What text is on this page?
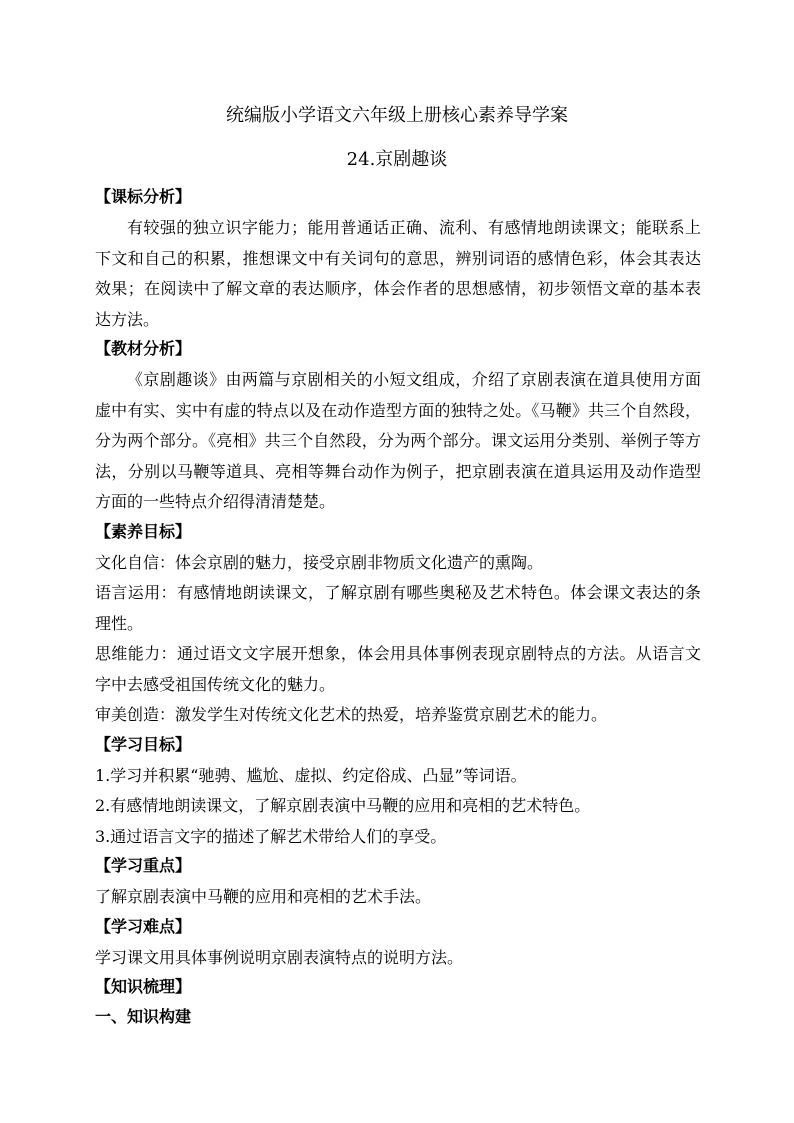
统编版小学语文六年级上册核心素养导学案
24.京剧趣谈
【课标分析】

有较强的独立识字能力；能用普通话正确、流利、有感情地朗读课文；能联系上下文和自己的积累，推想课文中有关词句的意思，辨别词语的感情色彩，体会其表达效果；在阅读中了解文章的表达顺序，体会作者的思想感情，初步领悟文章的基本表达方法。

【教材分析】

《京剧趣谈》由两篇与京剧相关的小短文组成，介绍了京剧表演在道具使用方面虚中有实、实中有虚的特点以及在动作造型方面的独特之处。《马鞭》共三个自然段，分为两个部分。《亮相》共三个自然段，分为两个部分。课文运用分类别、举例子等方法，分别以马鞭等道具、亮相等舞台动作为例子，把京剧表演在道具运用及动作造型方面的一些特点介绍得清清楚楚。

【素养目标】

文化自信：体会京剧的魅力，接受京剧非物质文化遗产的熏陶。

语言运用：有感情地朗读课文，了解京剧有哪些奥秘及艺术特色。体会课文表达的条理性。

思维能力：通过语文文字展开想象，体会用具体事例表现京剧特点的方法。从语言文字中去感受祖国传统文化的魅力。

审美创造：激发学生对传统文化艺术的热爱，培养鉴赏京剧艺术的能力。

【学习目标】

1.学习并积累“驰骋、尴尬、虚拟、约定俗成、凸显”等词语。

2.有感情地朗读课文，了解京剧表演中马鞭的应用和亮相的艺术特色。

3.通过语言文字的描述了解艺术带给人们的享受。

【学习重点】

了解京剧表演中马鞭的应用和亮相的艺术手法。

【学习难点】

学习课文用具体事例说明京剧表演特点的说明方法。

【知识梳理】
一、知识构建
